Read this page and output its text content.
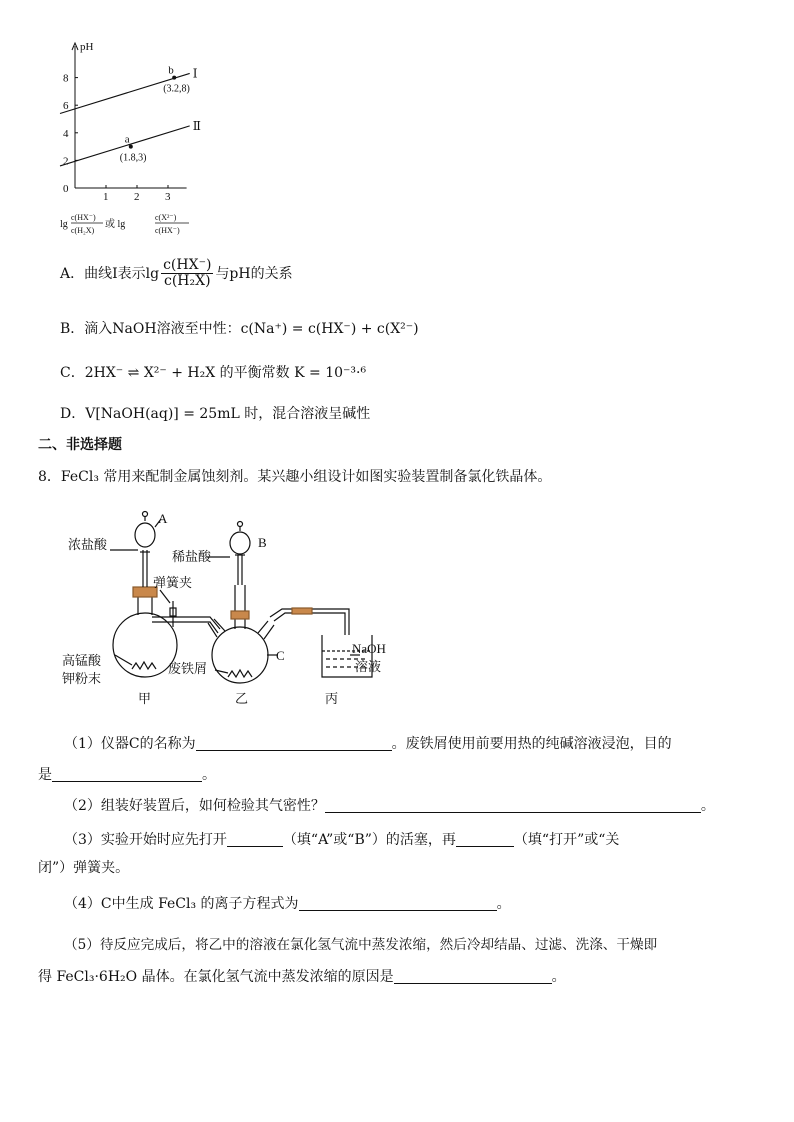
pH
0
2
4
6
8
1 2 3
Ⅰ
Ⅱ
b
(3.2,8)
a
(1.8,3)
lg
c(HX⁻)
c(H₂X)
或 lg
c(X²⁻)
c(HX⁻)
A．曲线Ⅰ表示$\lg \frac{c(HX^-)}{\text{c(H₂X)}}$ 与pH的关系
B．滴入NaOH溶液至中性：c(Na⁺) = c(HX⁻) + c(X²⁻)
C．2HX⁻ ⇌ X²⁻ + H₂X 的平衡常数 K = 10⁻³·⁶
D．V[NaOH(aq)] = 25mL 时，混合溶液呈碱性
二、非选择题
8．FeCl₃ 常用来配制金属蚀刻剂。某兴趣小组设计如图实验装置制备氯化铁晶体。
A
B
C
浓盐酸
稀盐酸
弹簧夹
高锰酸
钾粉末
废铁屑
NaOH
溶液
甲	乙	丙
（1）仪器C的名称为	。废铁屑使用前要用热的纯碱溶液浸泡，目的
是	。
（2）组装好装置后，如何检验其气密性？	。
（3）实验开始时应先打开	（填“A”或“B”）的活塞，再	（填“打开”或“关
闭”）弹簧夹。
（4）C中生成 FeCl₃ 的离子方程式为	。
（5）待反应完成后，将乙中的溶液在氯化氢气流中蒸发浓缩，然后冷却结晶、过滤、洗涤、干燥即
得 FeCl₃·6H₂O 晶体。在氯化氢气流中蒸发浓缩的原因是	。
